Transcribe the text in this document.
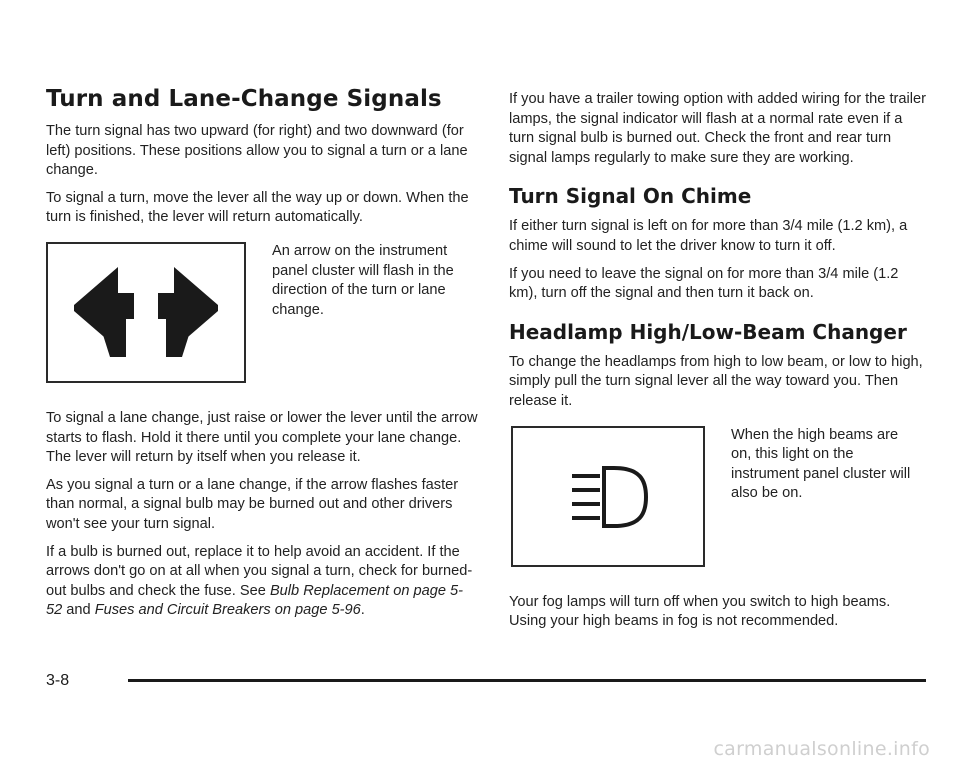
Turn and Lane-Change Signals

The turn signal has two upward (for right) and two downward (for left) positions. These positions allow you to signal a turn or a lane change.

To signal a turn, move the lever all the way up or down. When the turn is finished, the lever will return automatically.

An arrow on the instrument panel cluster will flash in the direction of the turn or lane change.

To signal a lane change, just raise or lower the lever until the arrow starts to flash. Hold it there until you complete your lane change. The lever will return by itself when you release it.

As you signal a turn or a lane change, if the arrow flashes faster than normal, a signal bulb may be burned out and other drivers won't see your turn signal.

If a bulb is burned out, replace it to help avoid an accident. If the arrows don't go on at all when you signal a turn, check for burned-out bulbs and check the fuse. See Bulb Replacement on page 5-52 and Fuses and Circuit Breakers on page 5-96.

If you have a trailer towing option with added wiring for the trailer lamps, the signal indicator will flash at a normal rate even if a turn signal bulb is burned out. Check the front and rear turn signal lamps regularly to make sure they are working.

Turn Signal On Chime

If either turn signal is left on for more than 3/4 mile (1.2 km), a chime will sound to let the driver know to turn it off.

If you need to leave the signal on for more than 3/4 mile (1.2 km), turn off the signal and then turn it back on.

Headlamp High/Low-Beam Changer

To change the headlamps from high to low beam, or low to high, simply pull the turn signal lever all the way toward you. Then release it.

When the high beams are on, this light on the instrument panel cluster will also be on.

Your fog lamps will turn off when you switch to high beams. Using your high beams in fog is not recommended.

3-8
carmanualsonline.info
